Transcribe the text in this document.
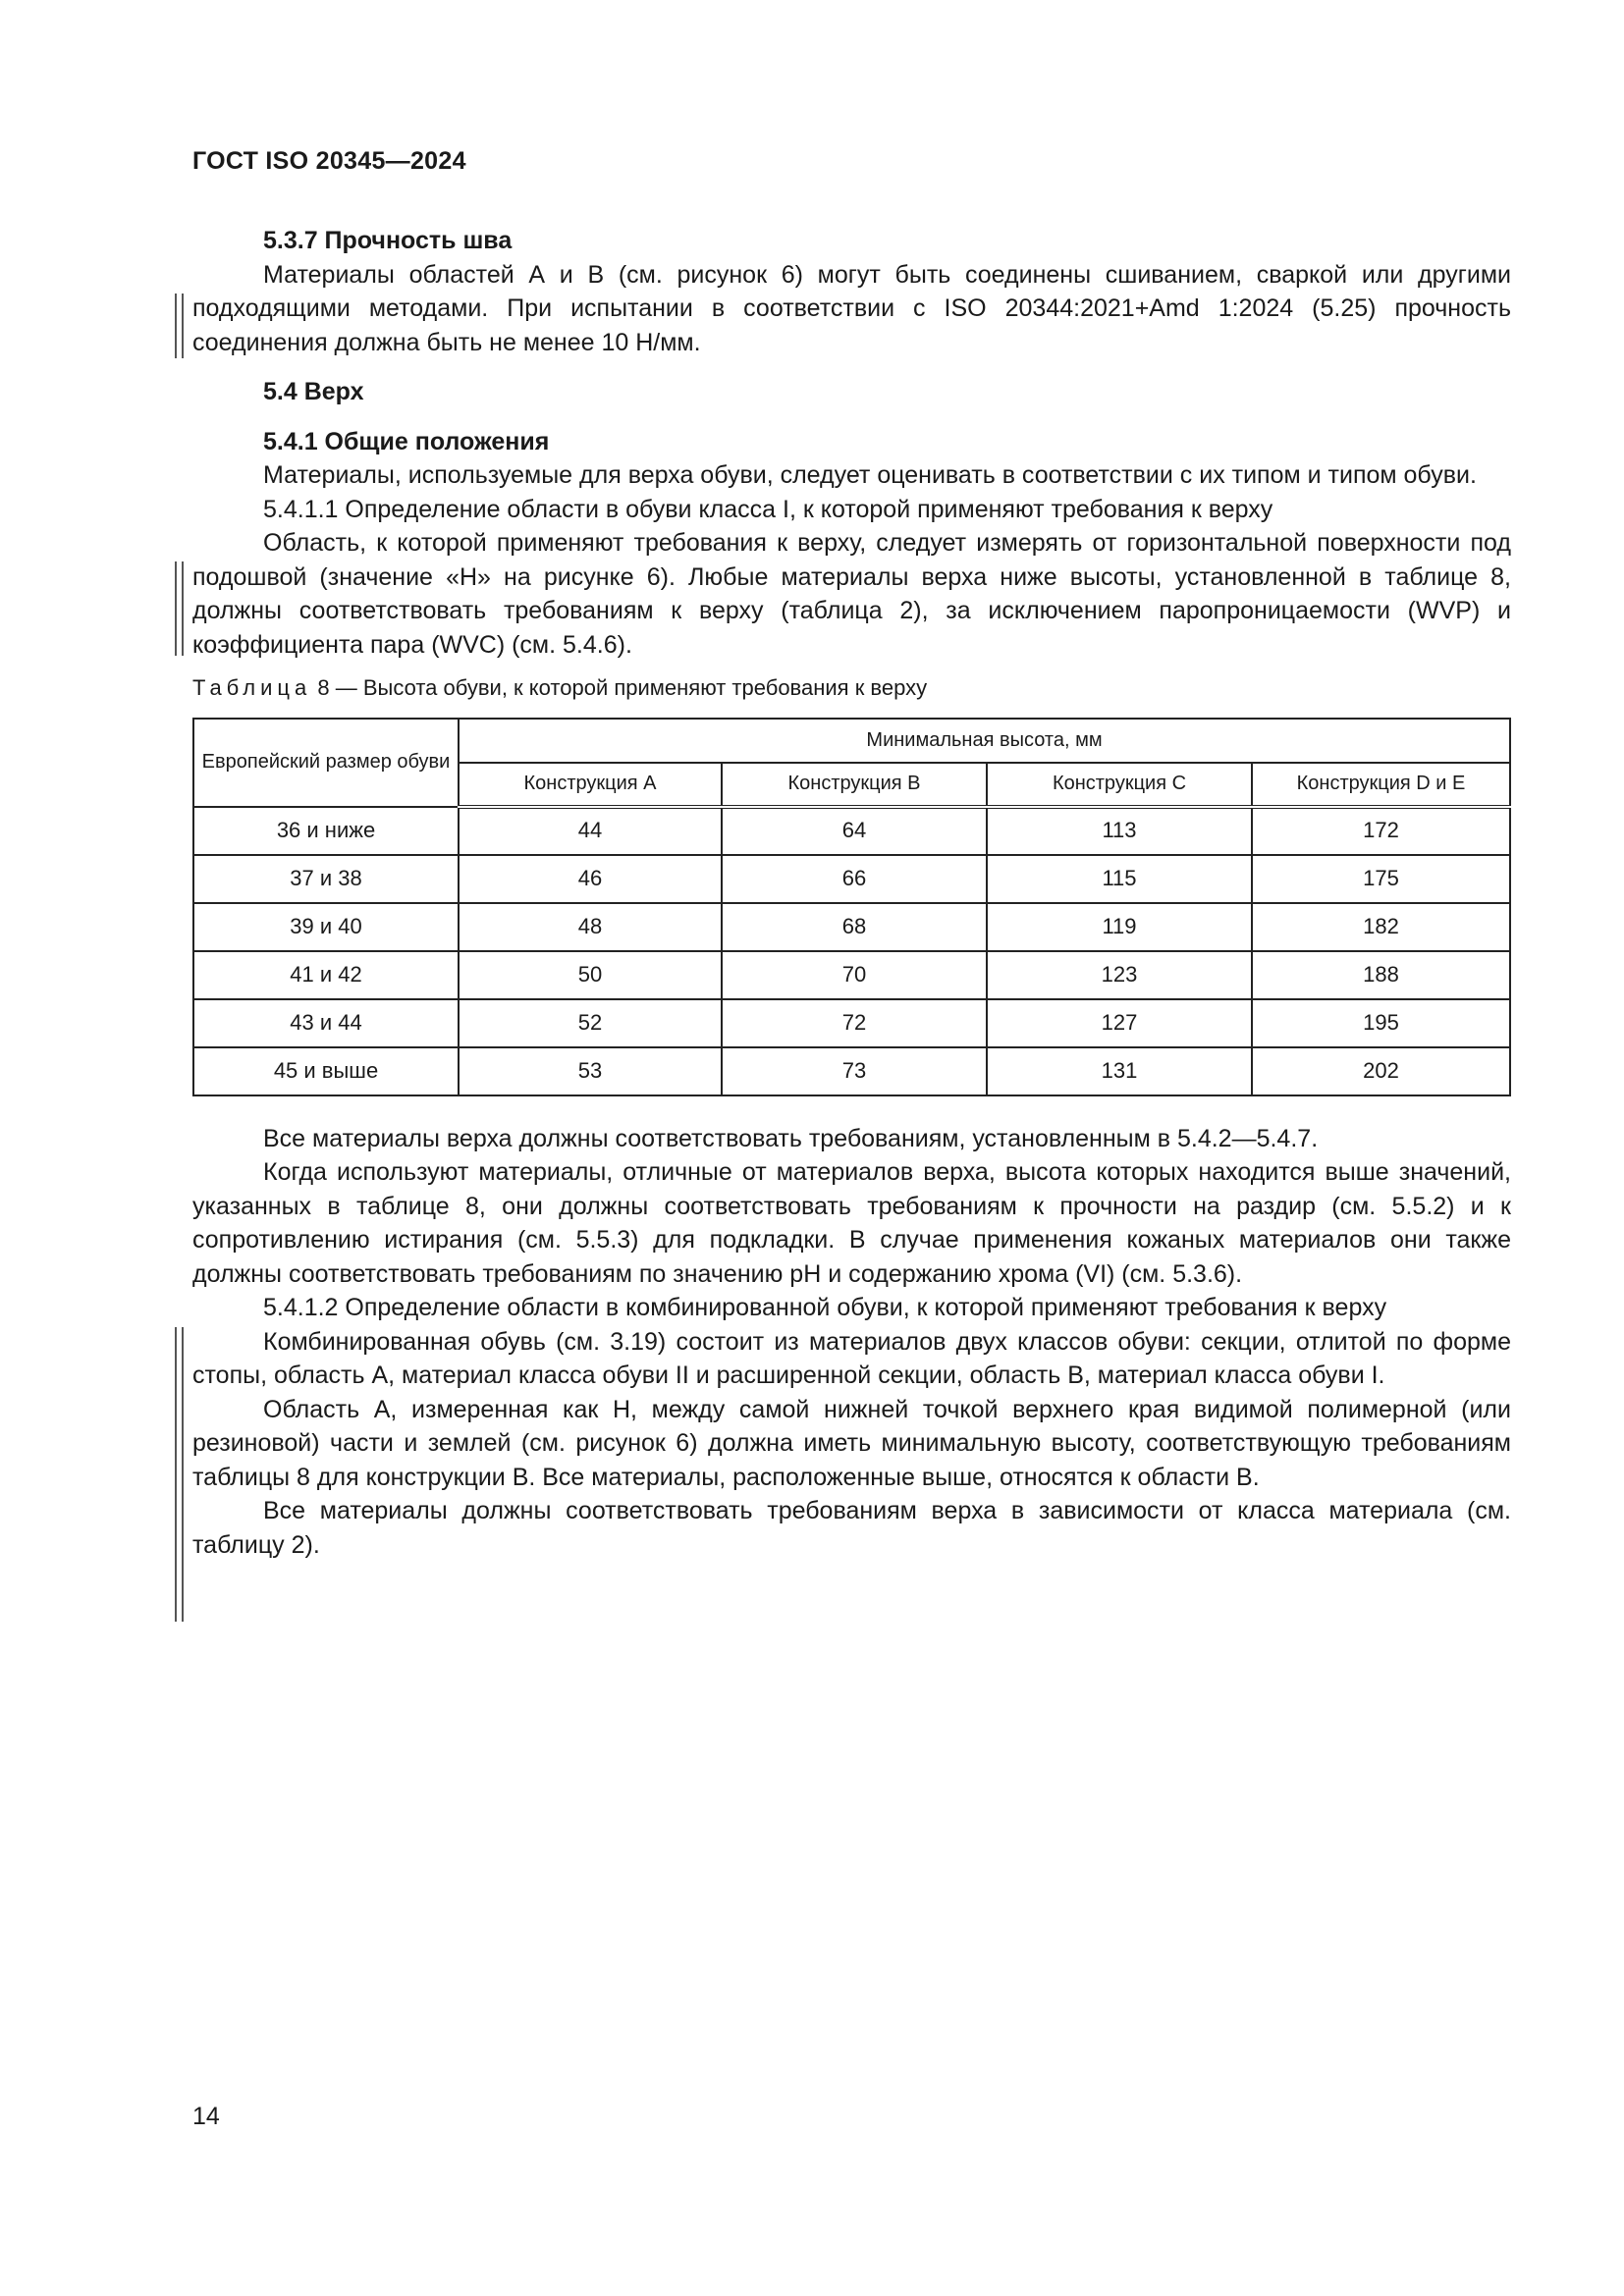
ГОСТ ISO 20345—2024

5.3.7 Прочность шва

Материалы областей А и В (см. рисунок 6) могут быть соединены сшиванием, сваркой или другими подходящими методами. При испытании в соответствии с ISO 20344:2021+Amd 1:2024 (5.25) прочность соединения должна быть не менее 10 Н/мм.

5.4 Верх

5.4.1 Общие положения

Материалы, используемые для верха обуви, следует оценивать в соответствии с их типом и типом обуви.

5.4.1.1 Определение области в обуви класса I, к которой применяют требования к верху

Область, к которой применяют требования к верху, следует измерять от горизонтальной поверхности под подошвой (значение «Н» на рисунке 6). Любые материалы верха ниже высоты, установленной в таблице 8, должны соответствовать требованиям к верху (таблица 2), за исключением паропроницаемости (WVP) и коэффициента пара (WVC) (см. 5.4.6).

Таблица 8 — Высота обуви, к которой применяют требования к верху
Европейский размер обуви	Минимальная высота, мм			
	Конструкция А	Конструкция В	Конструкция С	Конструкция D и E
36 и ниже	44	64	113	172
37 и 38	46	66	115	175
39 и 40	48	68	119	182
41 и 42	50	70	123	188
43 и 44	52	72	127	195
45 и выше	53	73	131	202

Все материалы верха должны соответствовать требованиям, установленным в 5.4.2—5.4.7.

Когда используют материалы, отличные от материалов верха, высота которых находится выше значений, указанных в таблице 8, они должны соответствовать требованиям к прочности на раздир (см. 5.5.2) и к сопротивлению истирания (см. 5.5.3) для подкладки. В случае применения кожаных материалов они также должны соответствовать требованиям по значению pH и содержанию хрома (VI) (см. 5.3.6).

5.4.1.2 Определение области в комбинированной обуви, к которой применяют требования к верху

Комбинированная обувь (см. 3.19) состоит из материалов двух классов обуви: секции, отлитой по форме стопы, область А, материал класса обуви II и расширенной секции, область В, материал класса обуви I.

Область А, измеренная как Н, между самой нижней точкой верхнего края видимой полимерной (или резиновой) части и землей (см. рисунок 6) должна иметь минимальную высоту, соответствующую требованиям таблицы 8 для конструкции В. Все материалы, расположенные выше, относятся к области В.

Все материалы должны соответствовать требованиям верха в зависимости от класса материала (см. таблицу 2).

14
